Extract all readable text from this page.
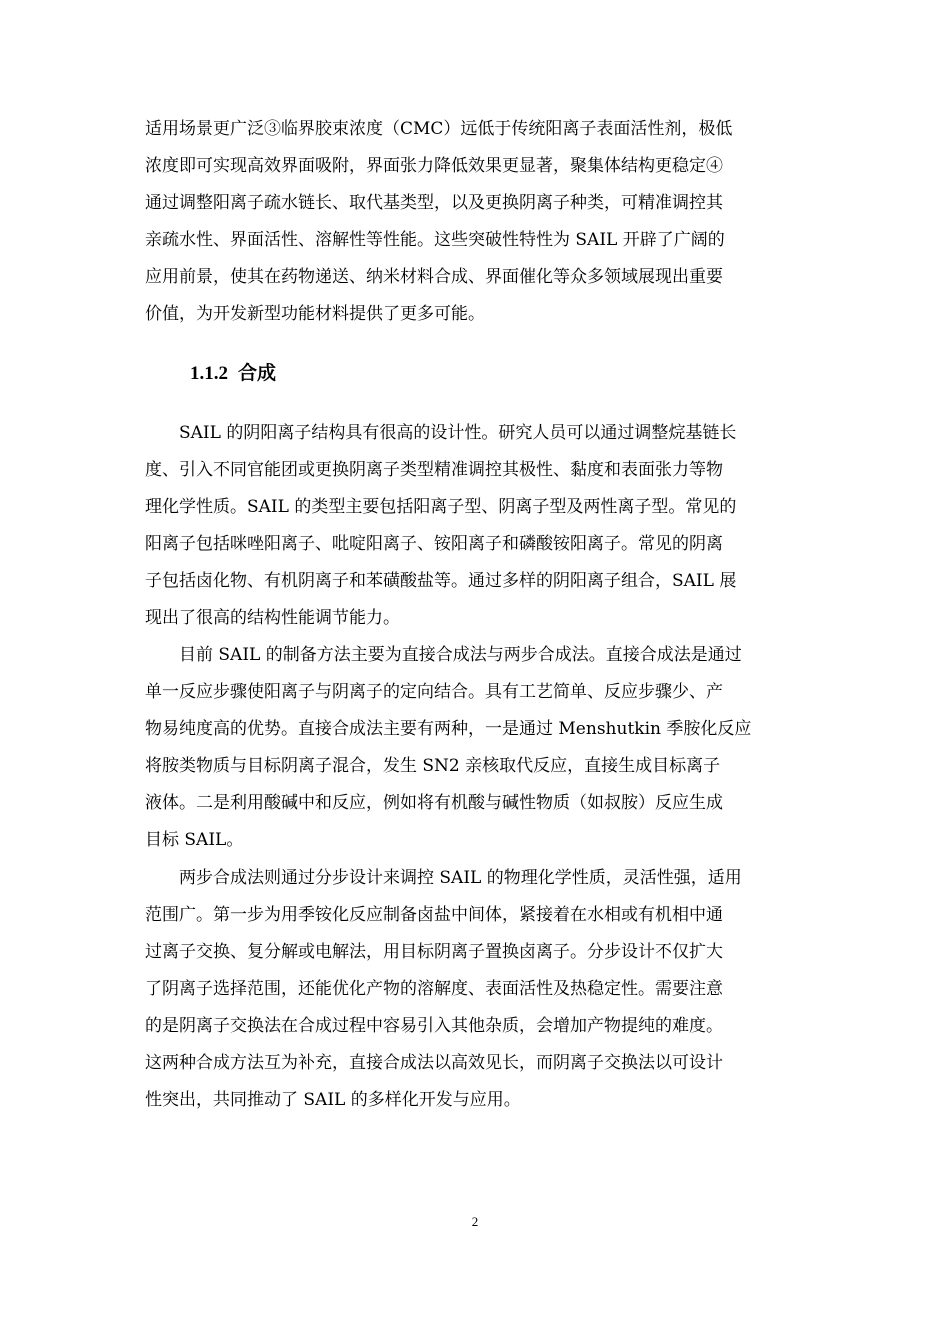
适用场景更广泛③临界胶束浓度（CMC）远低于传统阳离子表面活性剂，极低
浓度即可实现高效界面吸附，界面张力降低效果更显著，聚集体结构更稳定④
通过调整阳离子疏水链长、取代基类型，以及更换阴离子种类，可精准调控其
亲疏水性、界面活性、溶解性等性能。这些突破性特性为 SAIL 开辟了广阔的
应用前景，使其在药物递送、纳米材料合成、界面催化等众多领域展现出重要
价值，为开发新型功能材料提供了更多可能。
1.1.2 合成
SAIL 的阴阳离子结构具有很高的设计性。研究人员可以通过调整烷基链长
度、引入不同官能团或更换阴离子类型精准调控其极性、黏度和表面张力等物
理化学性质。SAIL 的类型主要包括阳离子型、阴离子型及两性离子型。常见的
阳离子包括咪唑阳离子、吡啶阳离子、铵阳离子和磷酸铵阳离子。常见的阴离
子包括卤化物、有机阴离子和苯磺酸盐等。通过多样的阴阳离子组合，SAIL 展
现出了很高的结构性能调节能力。
目前 SAIL 的制备方法主要为直接合成法与两步合成法。直接合成法是通过
单一反应步骤使阳离子与阴离子的定向结合。具有工艺简单、反应步骤少、产
物易纯度高的优势。直接合成法主要有两种，一是通过 Menshutkin 季胺化反应
将胺类物质与目标阴离子混合，发生 SN2 亲核取代反应，直接生成目标离子
液体。二是利用酸碱中和反应，例如将有机酸与碱性物质（如叔胺）反应生成
目标 SAIL。
两步合成法则通过分步设计来调控 SAIL 的物理化学性质，灵活性强，适用
范围广。第一步为用季铵化反应制备卤盐中间体，紧接着在水相或有机相中通
过离子交换、复分解或电解法，用目标阴离子置换卤离子。分步设计不仅扩大
了阴离子选择范围，还能优化产物的溶解度、表面活性及热稳定性。需要注意
的是阴离子交换法在合成过程中容易引入其他杂质，会增加产物提纯的难度。
这两种合成方法互为补充，直接合成法以高效见长，而阴离子交换法以可设计
性突出，共同推动了 SAIL 的多样化开发与应用。
2
